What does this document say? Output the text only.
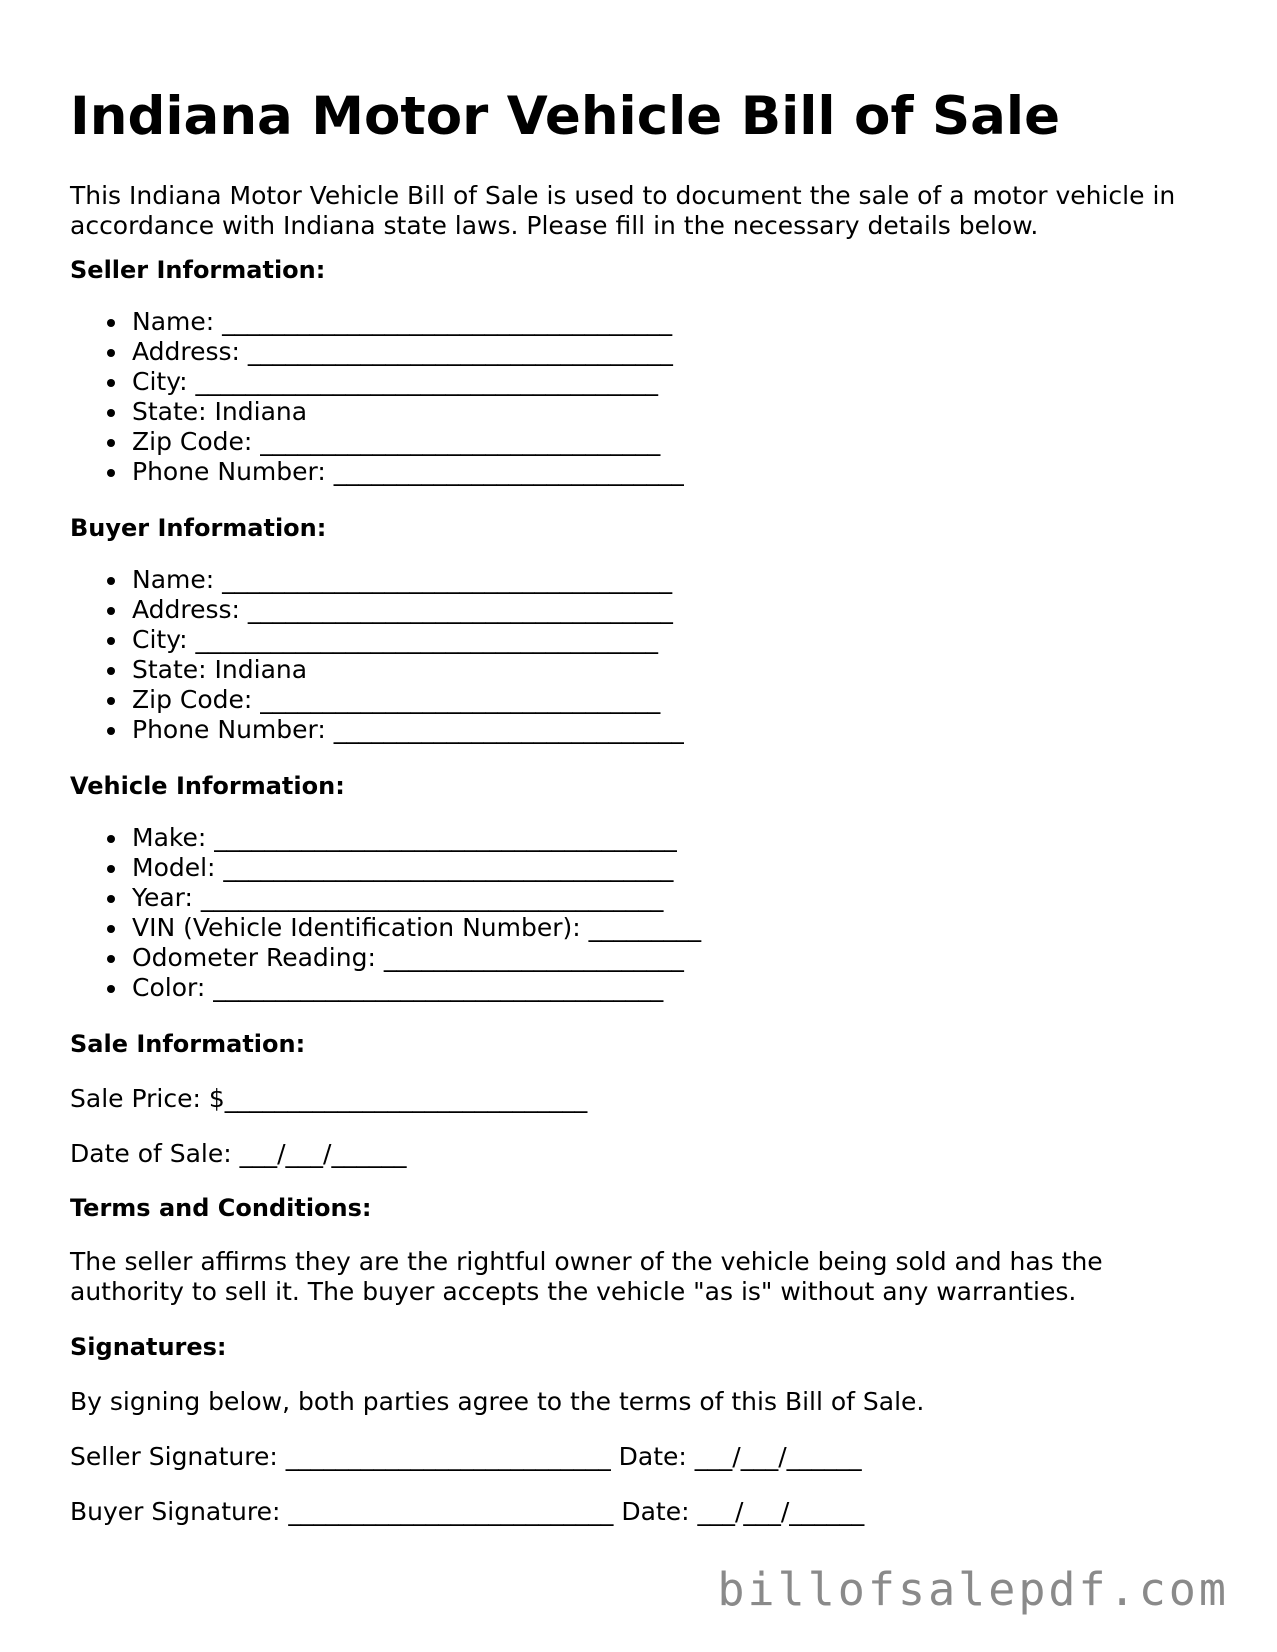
Indiana Motor Vehicle Bill of Sale

This Indiana Motor Vehicle Bill of Sale is used to document the sale of a motor vehicle in accordance with Indiana state laws. Please fill in the necessary details below.

Seller Information:

Name: ____________________________________
Address: __________________________________
City: _____________________________________
State: Indiana
Zip Code: ________________________________
Phone Number: ____________________________

Buyer Information:

Name: ____________________________________
Address: __________________________________
City: _____________________________________
State: Indiana
Zip Code: ________________________________
Phone Number: ____________________________

Vehicle Information:

Make: _____________________________________
Model: ____________________________________
Year: _____________________________________
VIN (Vehicle Identification Number): _________
Odometer Reading: ________________________
Color: ____________________________________

Sale Information:

Sale Price: $_____________________________

Date of Sale: ___/___/______

Terms and Conditions:

The seller affirms they are the rightful owner of the vehicle being sold and has the authority to sell it. The buyer accepts the vehicle "as is" without any warranties.

Signatures:

By signing below, both parties agree to the terms of this Bill of Sale.

Seller Signature: __________________________ Date: ___/___/______

Buyer Signature: __________________________ Date: ___/___/______

billofsalepdf.com
